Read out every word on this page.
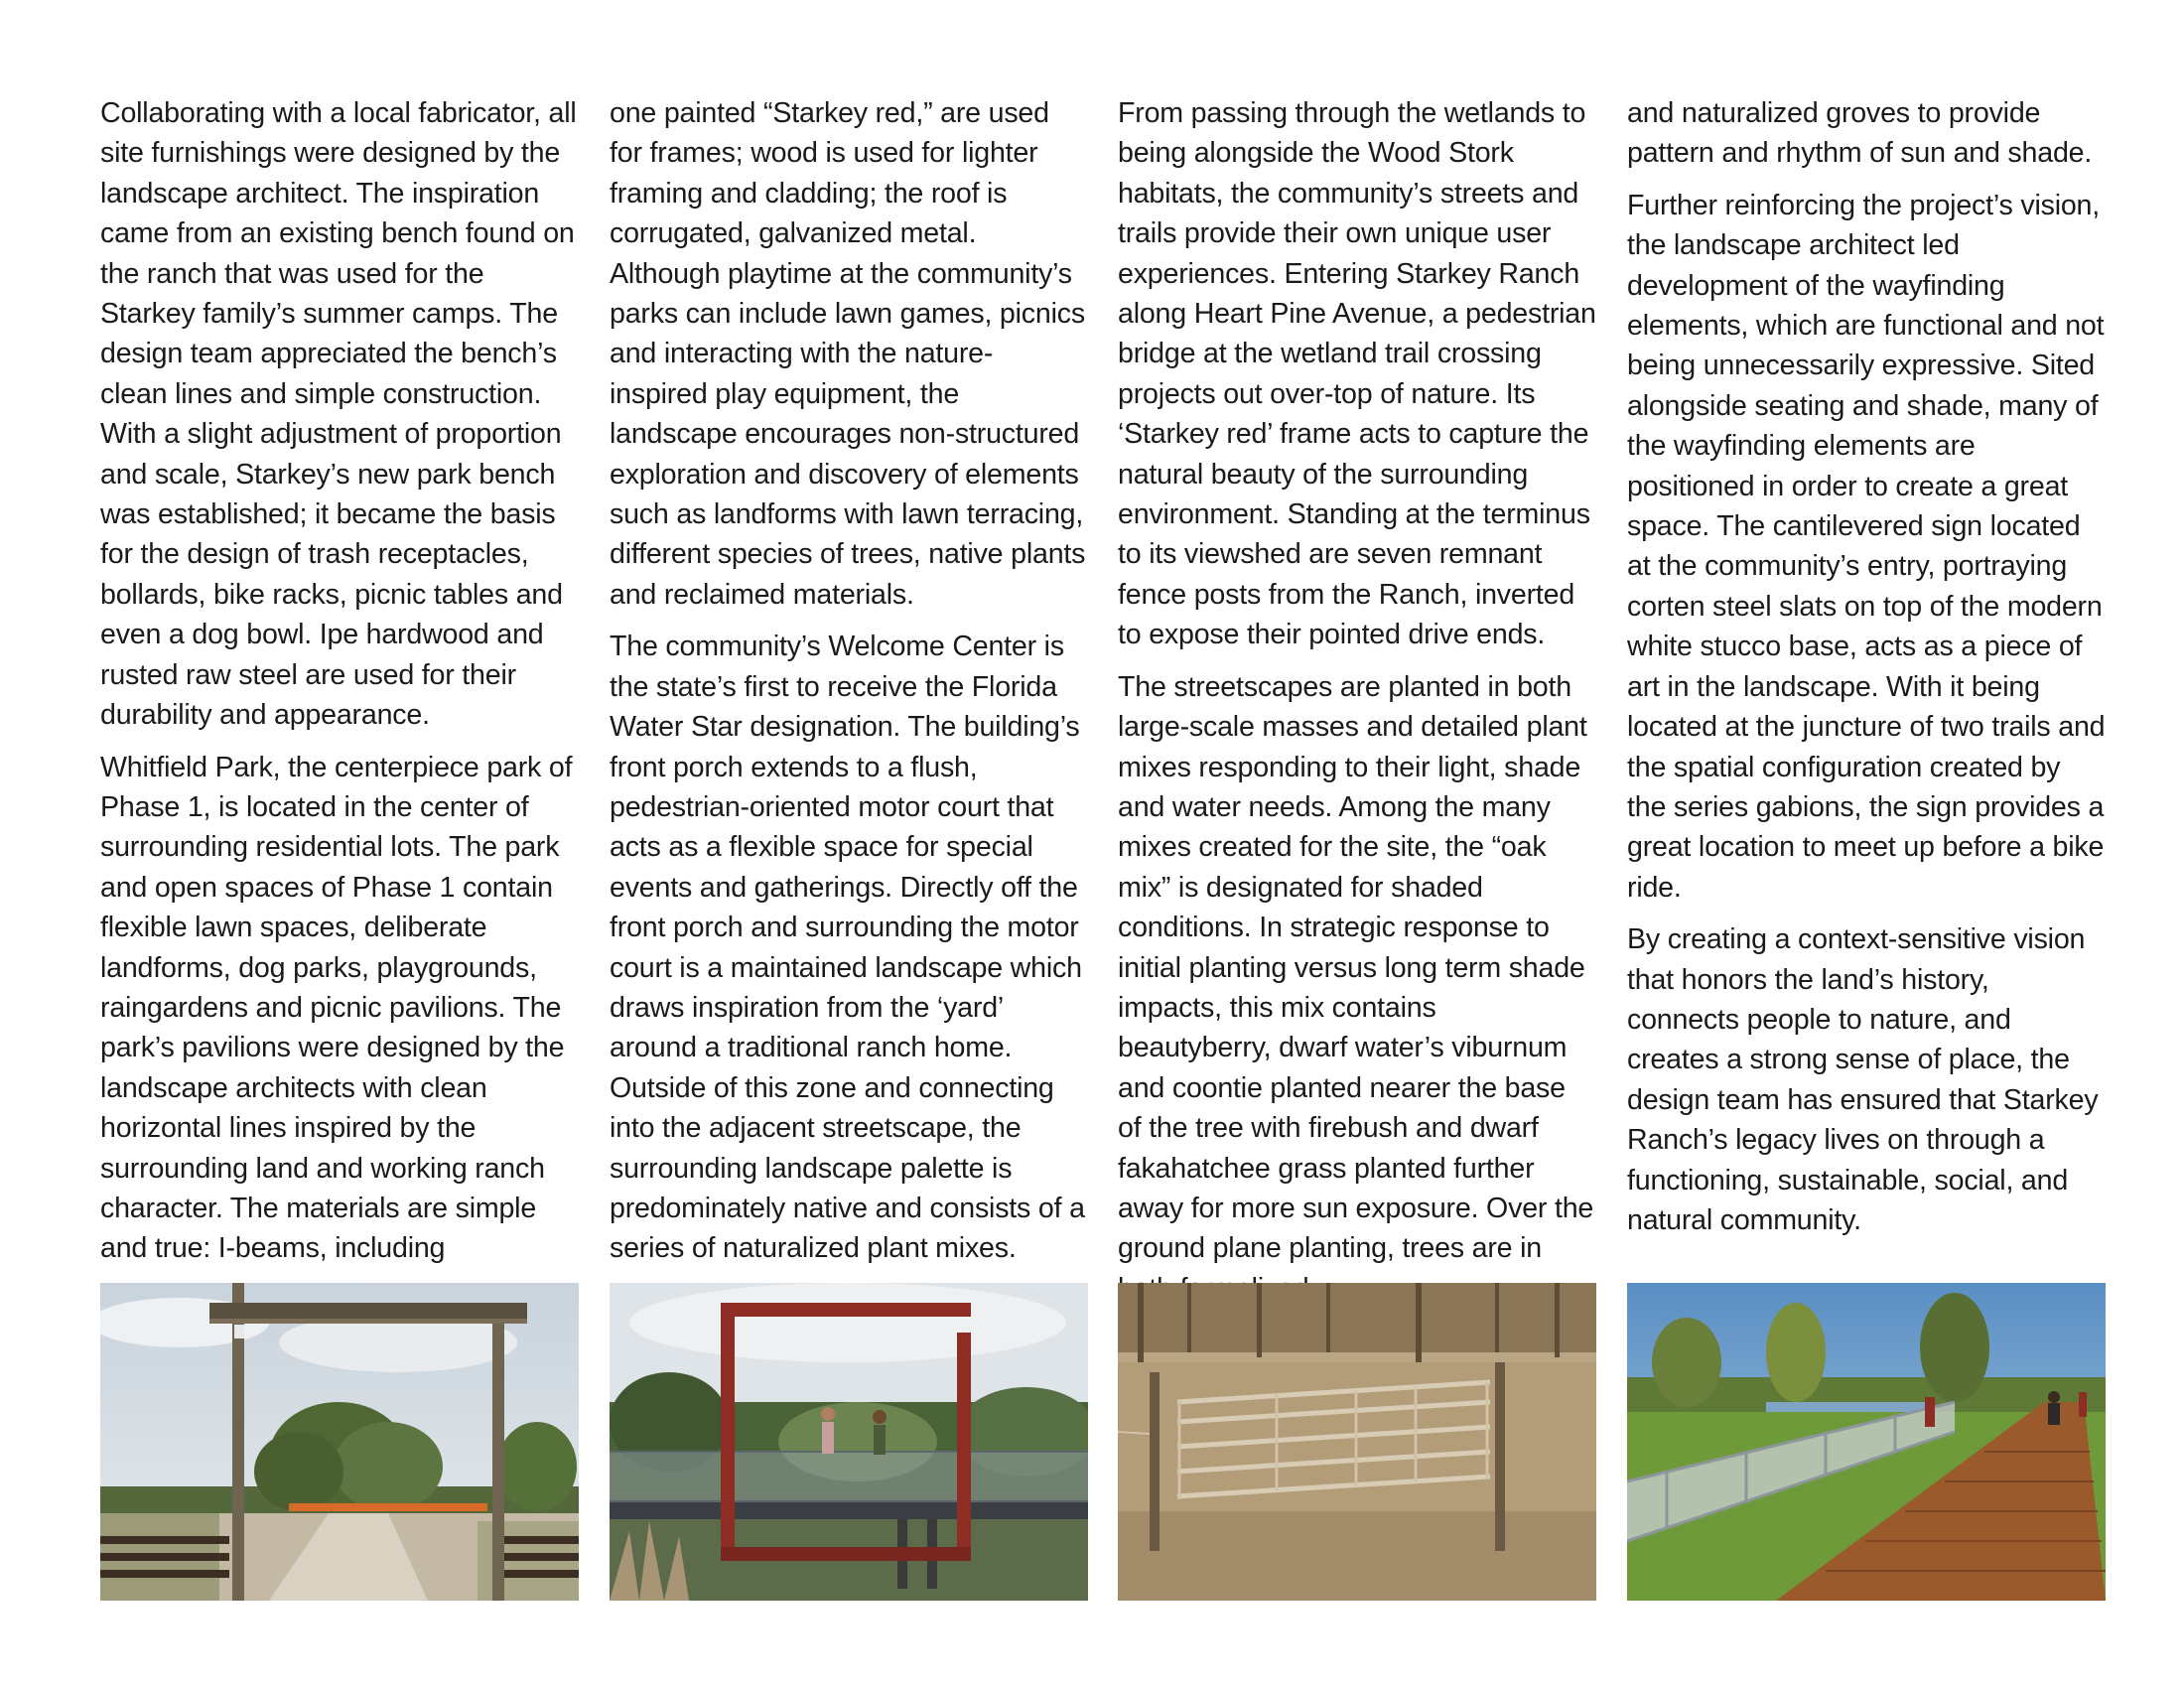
Collaborating with a local fabricator, all site furnishings were designed by the landscape architect. The inspiration came from an existing bench found on the ranch that was used for the Starkey family’s summer camps. The design team appreciated the bench’s clean lines and simple construction. With a slight adjustment of proportion and scale, Starkey’s new park bench was established; it became the basis for the design of trash receptacles, bollards, bike racks, picnic tables and even a dog bowl. Ipe hardwood and rusted raw steel are used for their durability and appearance.

Whitfield Park, the centerpiece park of Phase 1, is located in the center of surrounding residential lots. The park and open spaces of Phase 1 contain flexible lawn spaces, deliberate landforms, dog parks, playgrounds, raingardens and picnic pavilions. The park’s pavilions were designed by the landscape architects with clean horizontal lines inspired by the surrounding land and working ranch character. The materials are simple and true: I-beams, including

one painted “Starkey red,” are used for frames; wood is used for lighter framing and cladding; the roof is corrugated, galvanized metal. Although playtime at the community’s parks can include lawn games, picnics and interacting with the nature-inspired play equipment, the landscape encourages non-structured exploration and discovery of elements such as landforms with lawn terracing, different species of trees, native plants and reclaimed materials.

The community’s Welcome Center is the state’s first to receive the Florida Water Star designation. The building’s front porch extends to a flush, pedestrian-oriented motor court that acts as a flexible space for special events and gatherings. Directly off the front porch and surrounding the motor court is a maintained landscape which draws inspiration from the ‘yard’ around a traditional ranch home. Outside of this zone and connecting into the adjacent streetscape, the surrounding landscape palette is predominately native and consists of a series of naturalized plant mixes.

From passing through the wetlands to being alongside the Wood Stork habitats, the community’s streets and trails provide their own unique user experiences. Entering Starkey Ranch along Heart Pine Avenue, a pedestrian bridge at the wetland trail crossing projects out over-top of nature. Its ‘Starkey red’ frame acts to capture the natural beauty of the surrounding environment. Standing at the terminus to its viewshed are seven remnant fence posts from the Ranch, inverted to expose their pointed drive ends.

The streetscapes are planted in both large-scale masses and detailed plant mixes responding to their light, shade and water needs. Among the many mixes created for the site, the “oak mix” is designated for shaded conditions. In strategic response to initial planting versus long term shade impacts, this mix contains beautyberry, dwarf water’s viburnum and coontie planted nearer the base of the tree with firebush and dwarf fakahatchee grass planted further away for more sun exposure. Over the ground plane planting, trees are in

and naturalized groves to provide pattern and rhythm of sun and shade.

Further reinforcing the project’s vision, the landscape architect led development of the wayfinding elements, which are functional and not being unnecessarily expressive. Sited alongside seating and shade, many of the wayfinding elements are positioned in order to create a great space. The cantilevered sign located at the community’s entry, portraying corten steel slats on top of the modern white stucco base, acts as a piece of art in the landscape. With it being located at the juncture of two trails and the spatial configuration created by the series gabions, the sign provides a great location to meet up before a bike ride.

By creating a context-sensitive vision that honors the land’s history, connects people to nature, and creates a strong sense of place, the design team has ensured that Starkey Ranch’s legacy lives on through a functioning, sustainable, social, and natural community.
